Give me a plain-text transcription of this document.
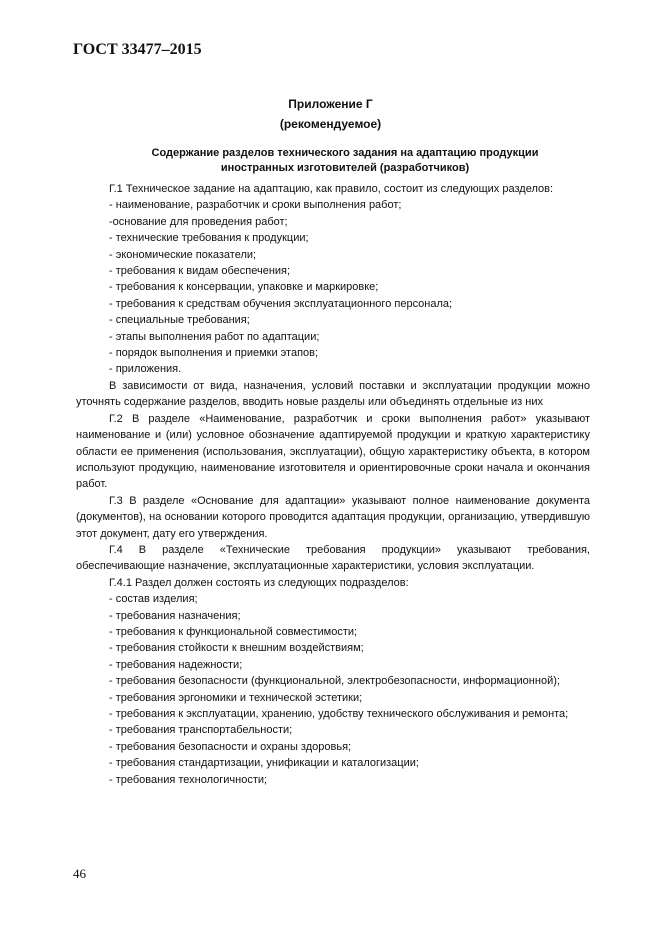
ГОСТ 33477–2015
Приложение Г
(рекомендуемое)
Содержание разделов технического задания на адаптацию продукции
иностранных изготовителей (разработчиков)

Г.1 Техническое задание на адаптацию, как правило, состоит из следующих разделов:

- наименование, разработчик и сроки выполнения работ;

-основание для проведения работ;

- технические требования к продукции;

- экономические показатели;

- требования к видам обеспечения;

- требования к консервации, упаковке и маркировке;

- требования к средствам обучения эксплуатационного персонала;

- специальные требования;

- этапы выполнения работ по адаптации;

- порядок выполнения и приемки этапов;

- приложения.

В зависимости от вида, назначения, условий поставки и эксплуатации продукции можно уточнять содержание разделов, вводить новые разделы или объединять отдельные из них

Г.2 В разделе «Наименование, разработчик и сроки выполнения работ» указывают наименование и (или) условное обозначение адаптируемой продукции и краткую характеристику области ее применения (использования, эксплуатации), общую характеристику объекта, в котором используют продукцию, наименование изготовителя и ориентировочные сроки начала и окончания работ.

Г.3 В разделе «Основание для адаптации» указывают полное наименование документа (документов), на основании которого проводится адаптация продукции, организацию, утвердившую этот документ, дату его утверждения.

Г.4 В разделе «Технические требования продукции» указывают требования, обеспечивающие назначение, эксплуатационные характеристики, условия эксплуатации.

Г.4.1 Раздел должен состоять из следующих подразделов:

- состав изделия;

- требования назначения;

- требования к функциональной совместимости;

- требования стойкости к внешним воздействиям;

- требования надежности;

- требования безопасности (функциональной, электробезопасности, информационной);

- требования эргономики и технической эстетики;

- требования к эксплуатации, хранению, удобству технического обслуживания и ремонта;

- требования транспортабельности;

- требования безопасности и охраны здоровья;

- требования стандартизации, унификации и каталогизации;

- требования технологичности;

46
